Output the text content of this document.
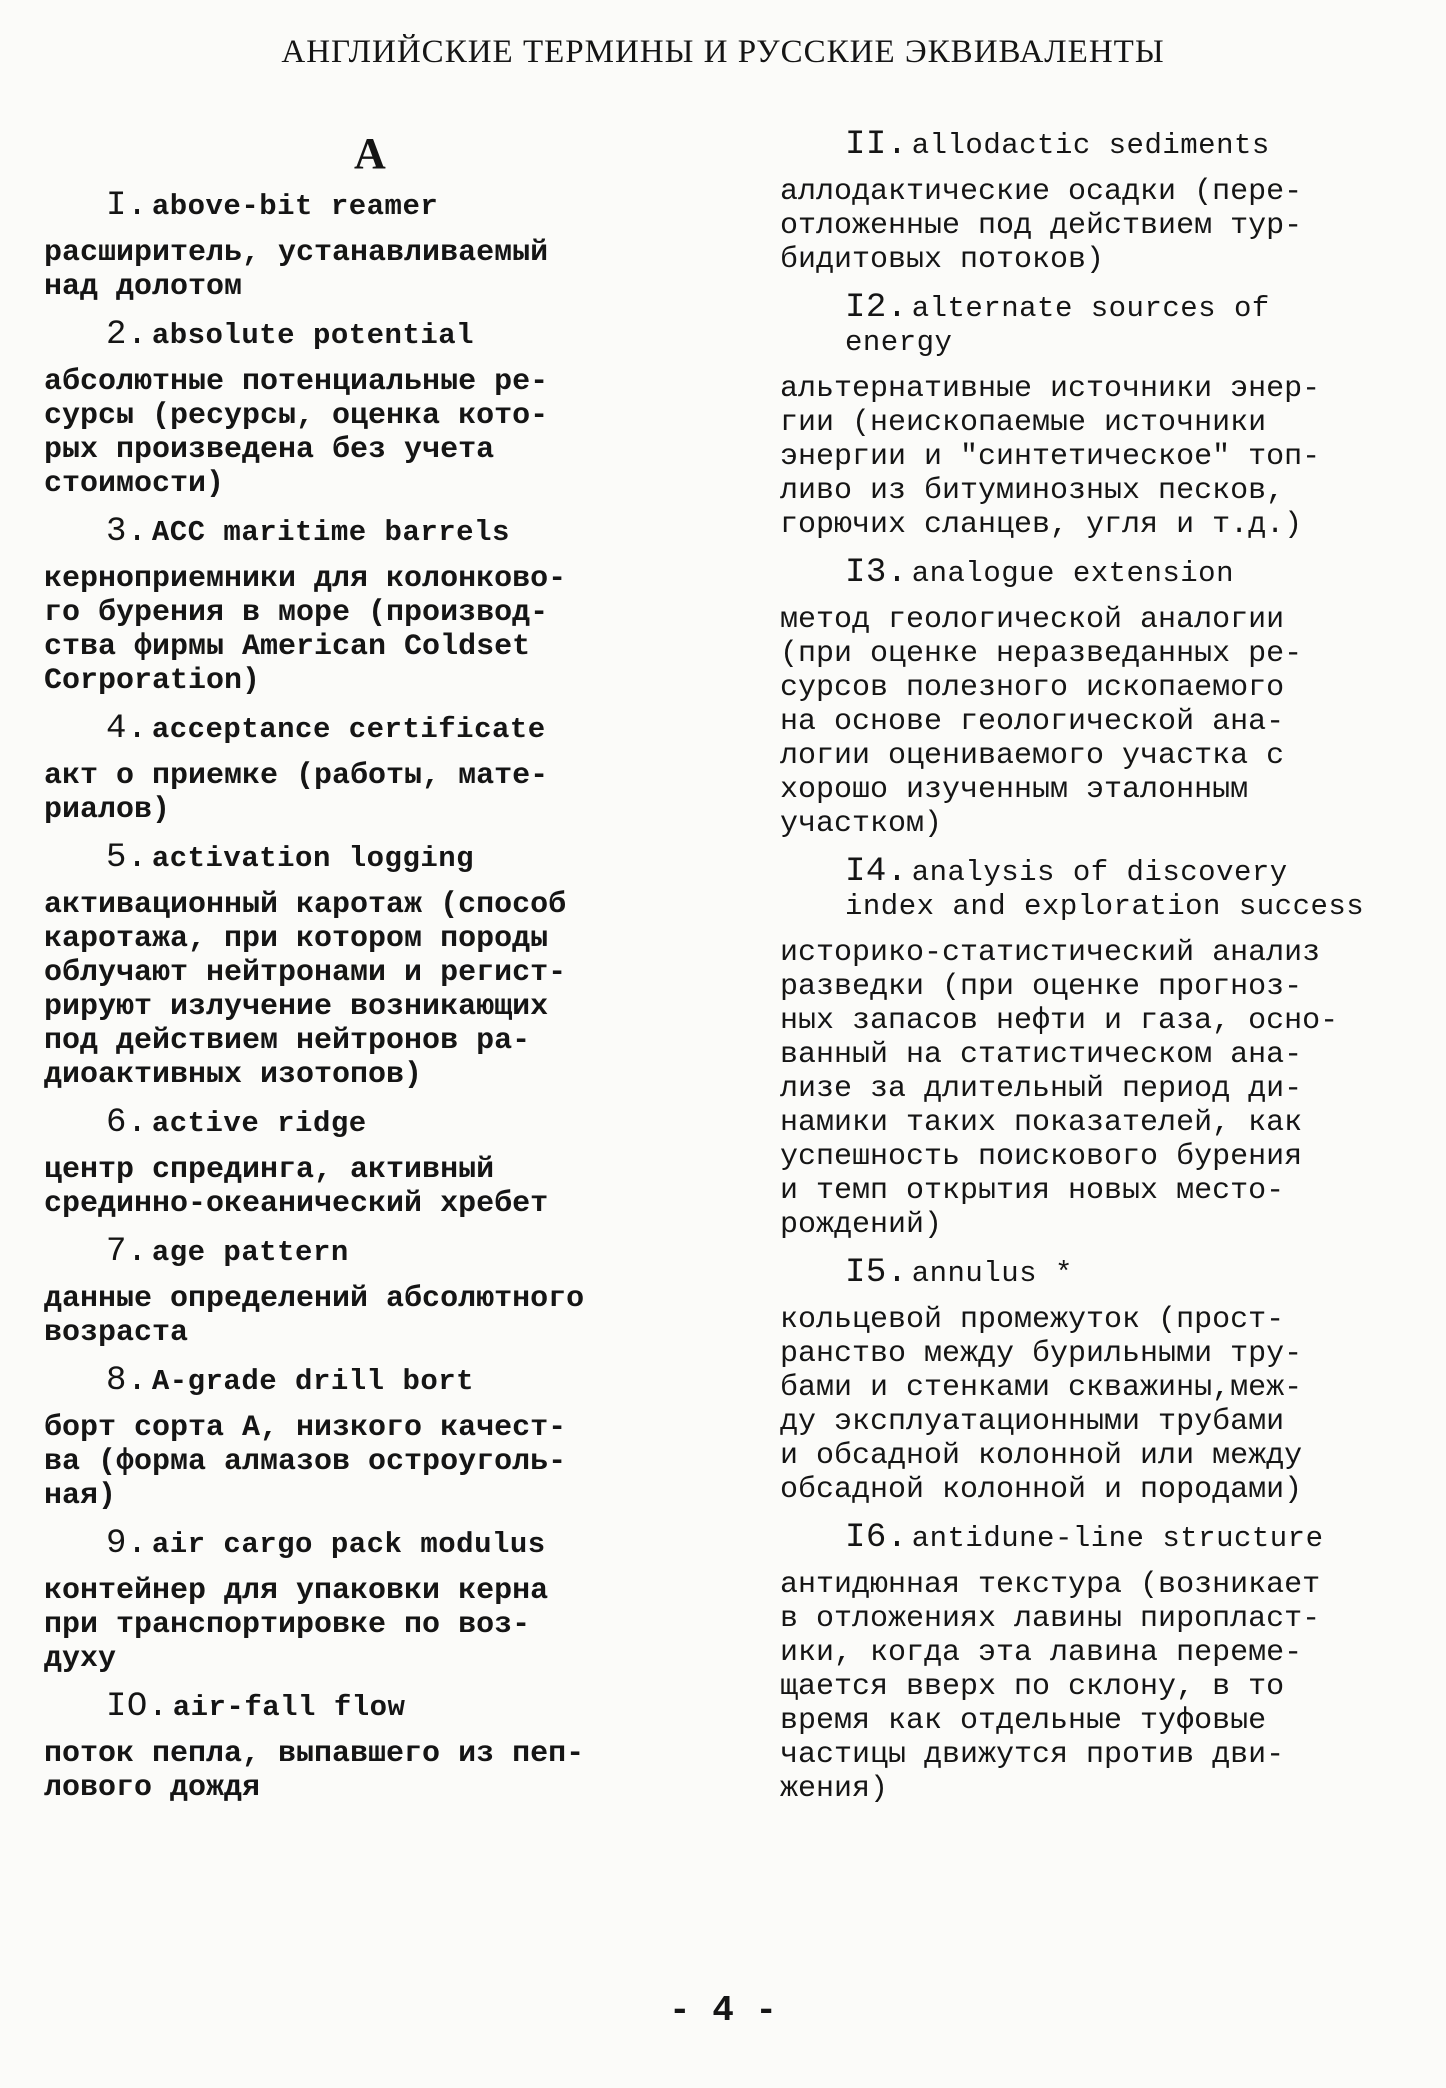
АНГЛИЙСКИЕ ТЕРМИНЫ И РУССКИЕ ЭКВИВАЛЕНТЫ
А
I. above-bit reamer
расширитель, устанавливаемый
над долотом
2. absolute potential
абсолютные потенциальные ре-
сурсы (ресурсы, оценка кото-
рых произведена без учета
стоимости)
3. ACC maritime barrels
керноприемники для колонково-
го бурения в море (производ-
ства фирмы American Coldset
Corporation)
4. acceptance certificate
акт о приемке (работы, мате-
риалов)
5. activation logging
активационный каротаж (способ
каротажа, при котором породы
облучают нейтронами и регист-
рируют излучение возникающих
под действием нейтронов ра-
диоактивных изотопов)
6. active ridge
центр спрединга, активный
срединно-океанический хребет
7. age pattern
данные определений абсолютного
возраста
8. A-grade drill bort
борт сорта А, низкого качест-
ва (форма алмазов остроуголь-
ная)
9. air cargo pack modulus
контейнер для упаковки керна
при транспортировке по воз-
духу
IO. air-fall flow
поток пепла, выпавшего из пеп-
лового дождя
II. allodactic sediments
аллодактические осадки (пере-
отложенные под действием тур-
бидитовых потоков)
I2. alternate sources of
energy
альтернативные источники энер-
гии (неископаемые источники
энергии и "синтетическое" топ-
ливо из битуминозных песков,
горючих сланцев, угля и т.д.)
I3. analogue extension
метод геологической аналогии
(при оценке неразведанных ре-
сурсов полезного ископаемого
на основе геологической ана-
логии оцениваемого участка с
хорошо изученным эталонным
участком)
I4. analysis of discovery
index and exploration success
историко-статистический анализ
разведки (при оценке прогноз-
ных запасов нефти и газа, осно-
ванный на статистическом ана-
лизе за длительный период ди-
намики таких показателей, как
успешность поискового бурения
и темп открытия новых место-
рождений)
I5. annulus *
кольцевой промежуток (прост-
ранство между бурильными тру-
бами и стенками скважины,меж-
ду эксплуатационными трубами
и обсадной колонной или между
обсадной колонной и породами)
I6. antidune-line structure
антидюнная текстура (возникает
в отложениях лавины пиропласт-
ики, когда эта лавина переме-
щается вверх по склону, в то
время как отдельные туфовые
частицы движутся против дви-
жения)
- 4 -
